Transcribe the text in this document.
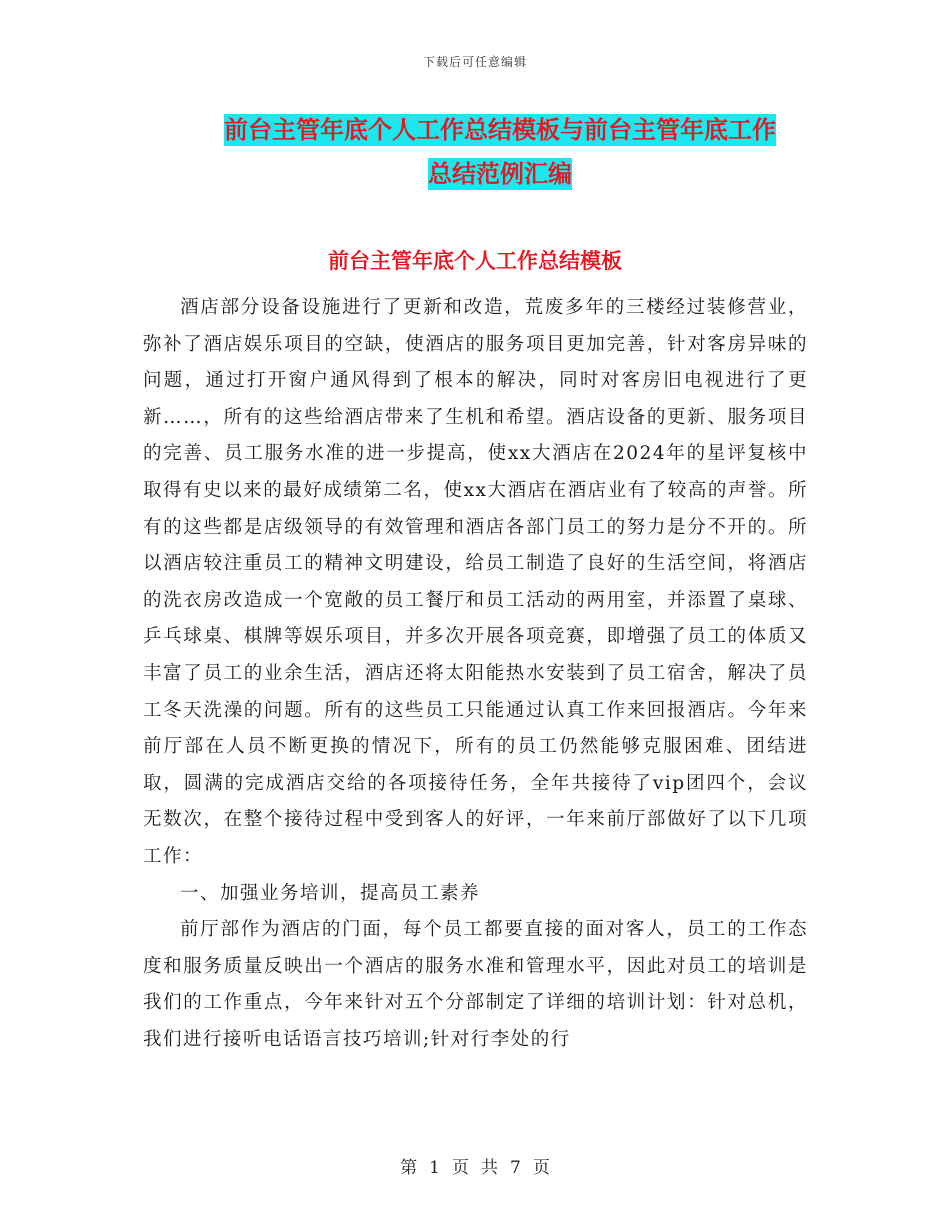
下载后可任意编辑
前台主管年底个人工作总结模板与前台主管年底工作
总结范例汇编
前台主管年底个人工作总结模板

酒店部分设备设施进行了更新和改造，荒废多年的三楼经过装修营业，弥补了酒店娱乐项目的空缺，使酒店的服务项目更加完善，针对客房异味的问题，通过打开窗户通风得到了根本的解决，同时对客房旧电视进行了更新……，所有的这些给酒店带来了生机和希望。酒店设备的更新、服务项目的完善、员工服务水准的进一步提高，使xx大酒店在2024年的星评复核中取得有史以来的最好成绩第二名，使xx大酒店在酒店业有了较高的声誉。所有的这些都是店级领导的有效管理和酒店各部门员工的努力是分不开的。所以酒店较注重员工的精神文明建设，给员工制造了良好的生活空间，将酒店的洗衣房改造成一个宽敞的员工餐厅和员工活动的两用室，并添置了桌球、乒乓球桌、棋牌等娱乐项目，并多次开展各项竞赛，即增强了员工的体质又丰富了员工的业余生活，酒店还将太阳能热水安装到了员工宿舍，解决了员工冬天洗澡的问题。所有的这些员工只能通过认真工作来回报酒店。今年来前厅部在人员不断更换的情况下，所有的员工仍然能够克服困难、团结进取，圆满的完成酒店交给的各项接待任务，全年共接待了vip团四个，会议无数次，在整个接待过程中受到客人的好评，一年来前厅部做好了以下几项工作：

一、加强业务培训，提高员工素养

前厅部作为酒店的门面，每个员工都要直接的面对客人，员工的工作态度和服务质量反映出一个酒店的服务水准和管理水平，因此对员工的培训是我们的工作重点，今年来针对五个分部制定了详细的培训计划：针对总机，我们进行接听电话语言技巧培训;针对行李处的行

第 1 页 共 7 页
